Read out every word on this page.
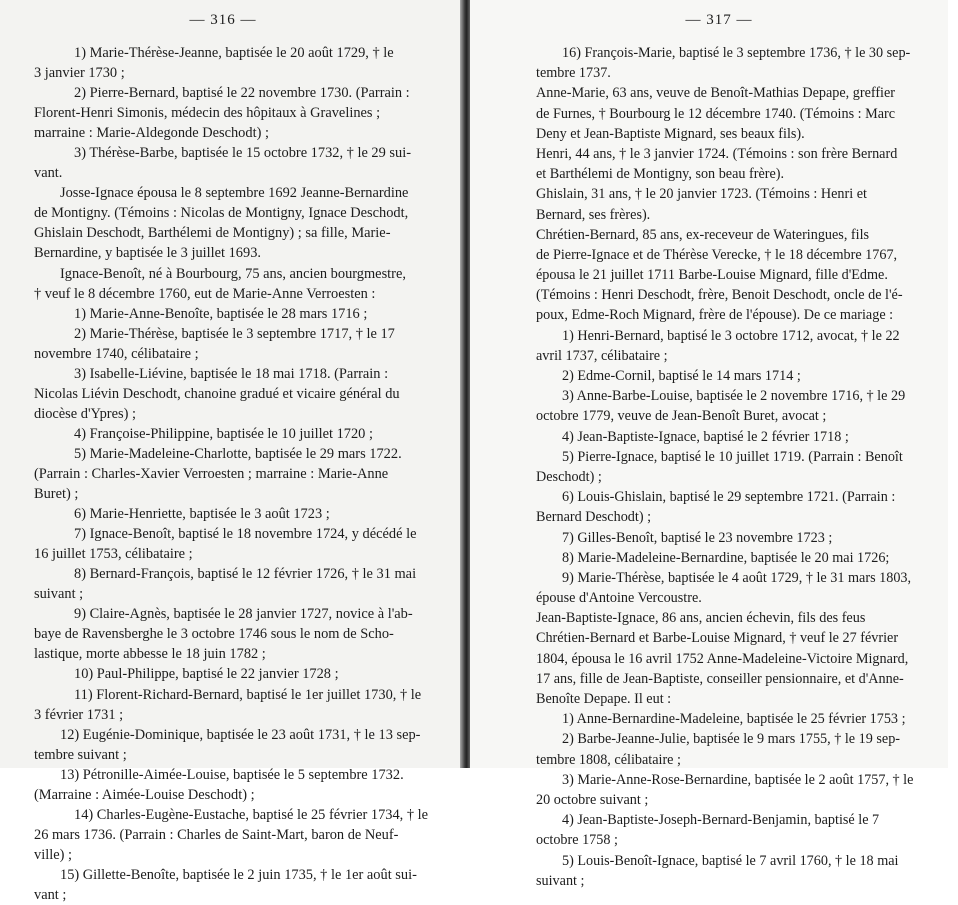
— 316 —
1) Marie-Thérèse-Jeanne, baptisée le 20 août 1729, † le
3 janvier 1730 ;
2) Pierre-Bernard, baptisé le 22 novembre 1730. (Parrain :
Florent-Henri Simonis, médecin des hôpitaux à Gravelines ;
marraine : Marie-Aldegonde Deschodt) ;
3) Thérèse-Barbe, baptisée le 15 octobre 1732, † le 29 sui-
vant.
Josse-Ignace épousa le 8 septembre 1692 Jeanne-Bernardine
de Montigny. (Témoins : Nicolas de Montigny, Ignace Deschodt,
Ghislain Deschodt, Barthélemi de Montigny) ; sa fille, Marie-
Bernardine, y baptisée le 3 juillet 1693.
Ignace-Benoît, né à Bourbourg, 75 ans, ancien bourgmestre,
† veuf le 8 décembre 1760, eut de Marie-Anne Verroesten :
1) Marie-Anne-Benoîte, baptisée le 28 mars 1716 ;
2) Marie-Thérèse, baptisée le 3 septembre 1717, † le 17
novembre 1740, célibataire ;
3) Isabelle-Liévine, baptisée le 18 mai 1718. (Parrain :
Nicolas Liévin Deschodt, chanoine gradué et vicaire général du
diocèse d'Ypres) ;
4) Françoise-Philippine, baptisée le 10 juillet 1720 ;
5) Marie-Madeleine-Charlotte, baptisée le 29 mars 1722.
(Parrain : Charles-Xavier Verroesten ; marraine : Marie-Anne
Buret) ;
6) Marie-Henriette, baptisée le 3 août 1723 ;
7) Ignace-Benoît, baptisé le 18 novembre 1724, y décédé le
16 juillet 1753, célibataire ;
8) Bernard-François, baptisé le 12 février 1726, † le 31 mai
suivant ;
9) Claire-Agnès, baptisée le 28 janvier 1727, novice à l'ab-
baye de Ravensberghe le 3 octobre 1746 sous le nom de Scho-
lastique, morte abbesse le 18 juin 1782 ;
10) Paul-Philippe, baptisé le 22 janvier 1728 ;
11) Florent-Richard-Bernard, baptisé le 1er juillet 1730, † le
3 février 1731 ;
12) Eugénie-Dominique, baptisée le 23 août 1731, † le 13 sep-
tembre suivant ;
13) Pétronille-Aimée-Louise, baptisée le 5 septembre 1732.
(Marraine : Aimée-Louise Deschodt) ;
14) Charles-Eugène-Eustache, baptisé le 25 février 1734, † le
26 mars 1736. (Parrain : Charles de Saint-Mart, baron de Neuf-
ville) ;
15) Gillette-Benoîte, baptisée le 2 juin 1735, † le 1er août sui-
vant ;
— 317 —
16) François-Marie, baptisé le 3 septembre 1736, † le 30 sep-
tembre 1737.
Anne-Marie, 63 ans, veuve de Benoît-Mathias Depape, greffier
de Furnes, † Bourbourg le 12 décembre 1740. (Témoins : Marc
Deny et Jean-Baptiste Mignard, ses beaux fils).
Henri, 44 ans, † le 3 janvier 1724. (Témoins : son frère Bernard
et Barthélemi de Montigny, son beau frère).
Ghislain, 31 ans, † le 20 janvier 1723. (Témoins : Henri et
Bernard, ses frères).
Chrétien-Bernard, 85 ans, ex-receveur de Wateringues, fils
de Pierre-Ignace et de Thérèse Verecke, † le 18 décembre 1767,
épousa le 21 juillet 1711 Barbe-Louise Mignard, fille d'Edme.
(Témoins : Henri Deschodt, frère, Benoit Deschodt, oncle de l'é-
poux, Edme-Roch Mignard, frère de l'épouse). De ce mariage :
1) Henri-Bernard, baptisé le 3 octobre 1712, avocat, † le 22
avril 1737, célibataire ;
2) Edme-Cornil, baptisé le 14 mars 1714 ;
3) Anne-Barbe-Louise, baptisée le 2 novembre 1716, † le 29
octobre 1779, veuve de Jean-Benoît Buret, avocat ;
4) Jean-Baptiste-Ignace, baptisé le 2 février 1718 ;
5) Pierre-Ignace, baptisé le 10 juillet 1719. (Parrain : Benoît
Deschodt) ;
6) Louis-Ghislain, baptisé le 29 septembre 1721. (Parrain :
Bernard Deschodt) ;
7) Gilles-Benoît, baptisé le 23 novembre 1723 ;
8) Marie-Madeleine-Bernardine, baptisée le 20 mai 1726;
9) Marie-Thérèse, baptisée le 4 août 1729, † le 31 mars 1803,
épouse d'Antoine Vercoustre.
Jean-Baptiste-Ignace, 86 ans, ancien échevin, fils des feus
Chrétien-Bernard et Barbe-Louise Mignard, † veuf le 27 février
1804, épousa le 16 avril 1752 Anne-Madeleine-Victoire Mignard,
17 ans, fille de Jean-Baptiste, conseiller pensionnaire, et d'Anne-
Benoîte Depape. Il eut :
1) Anne-Bernardine-Madeleine, baptisée le 25 février 1753 ;
2) Barbe-Jeanne-Julie, baptisée le 9 mars 1755, † le 19 sep-
tembre 1808, célibataire ;
3) Marie-Anne-Rose-Bernardine, baptisée le 2 août 1757, † le
20 octobre suivant ;
4) Jean-Baptiste-Joseph-Bernard-Benjamin, baptisé le 7
octobre 1758 ;
5) Louis-Benoît-Ignace, baptisé le 7 avril 1760, † le 18 mai
suivant ;
